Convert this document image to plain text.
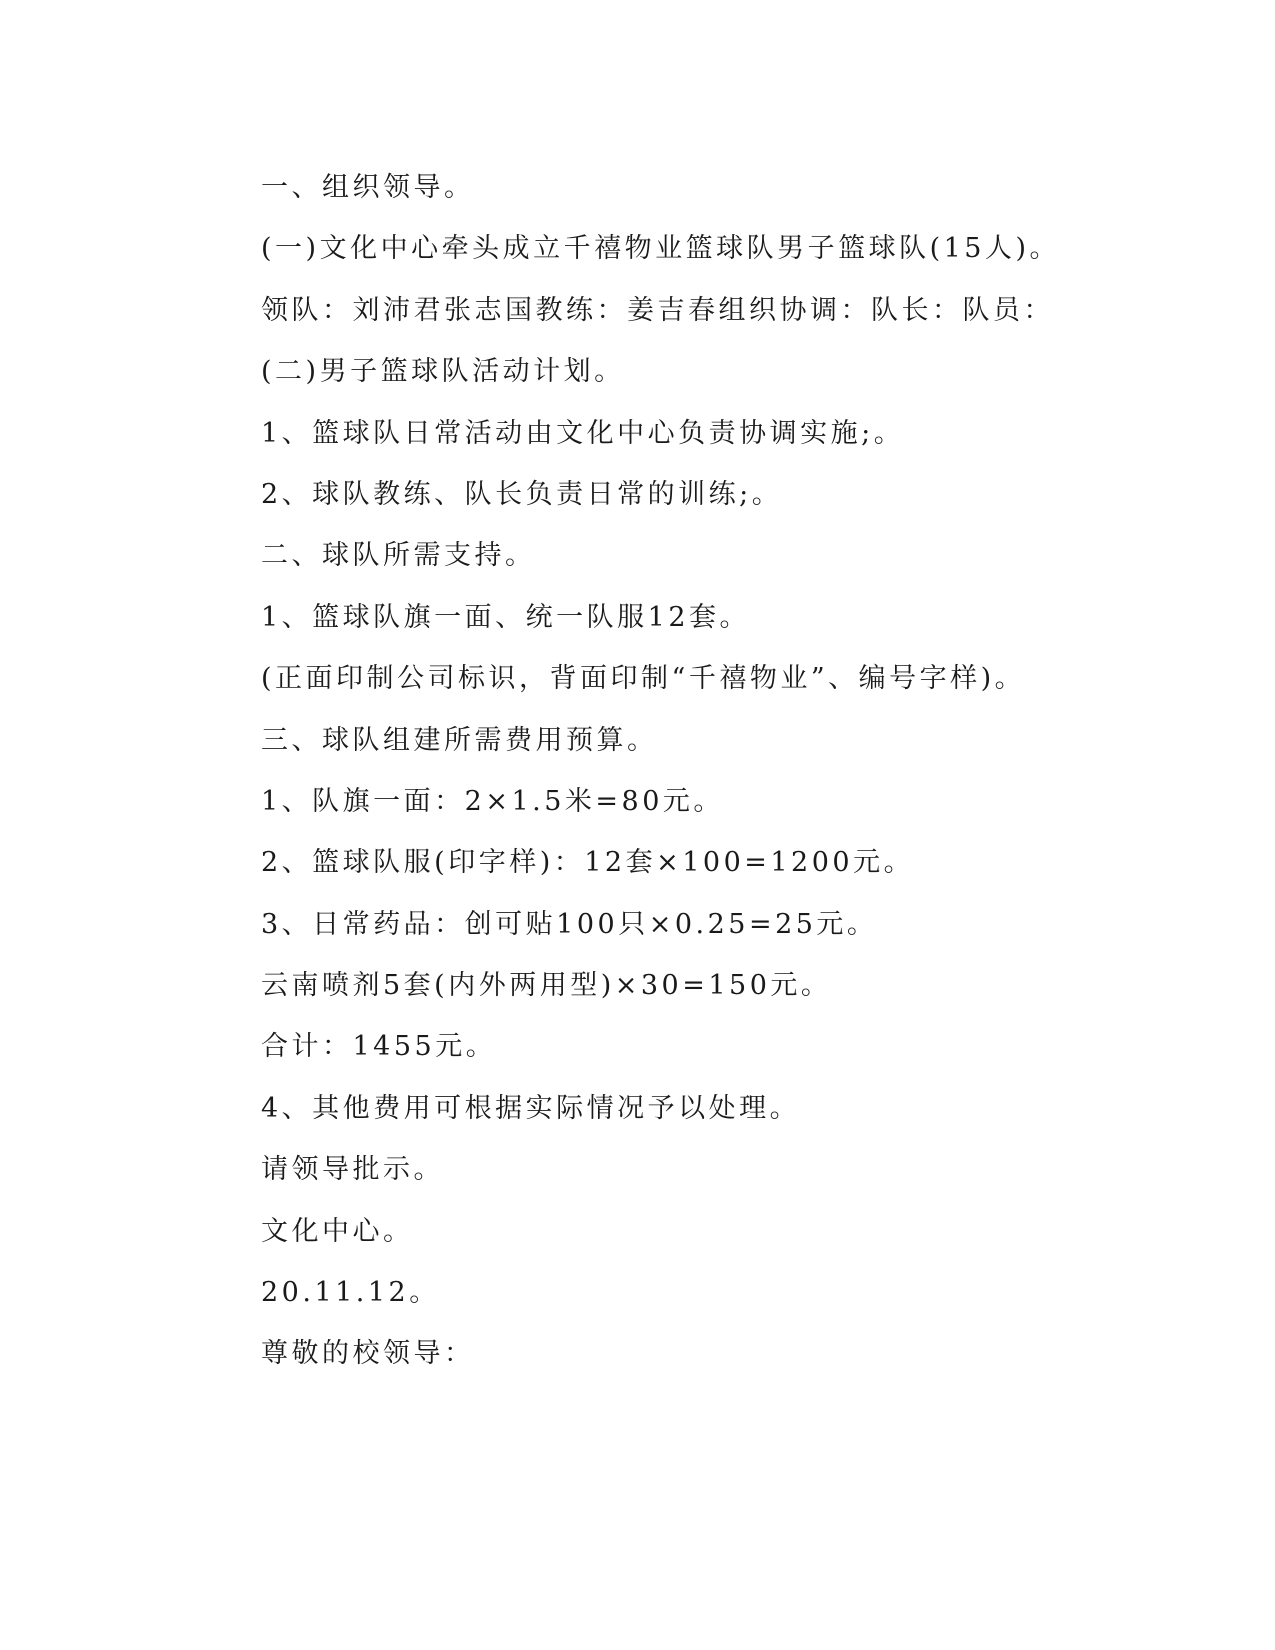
一、组织领导。
(一)文化中心牵头成立千禧物业篮球队男子篮球队(15人)。
领队：刘沛君张志国教练：姜吉春组织协调：队长：队员：
(二)男子篮球队活动计划。
1、篮球队日常活动由文化中心负责协调实施;。
2、球队教练、队长负责日常的训练;。
二、球队所需支持。
1、篮球队旗一面、统一队服12套。
(正面印制公司标识，背面印制“千禧物业”、编号字样)。
三、球队组建所需费用预算。
1、队旗一面：2×1.5米=80元。
2、篮球队服(印字样)：12套×100=1200元。
3、日常药品：创可贴100只×0.25=25元。
云南喷剂5套(内外两用型)×30=150元。
合计：1455元。
4、其他费用可根据实际情况予以处理。
请领导批示。
文化中心。
20.11.12。
尊敬的校领导：
